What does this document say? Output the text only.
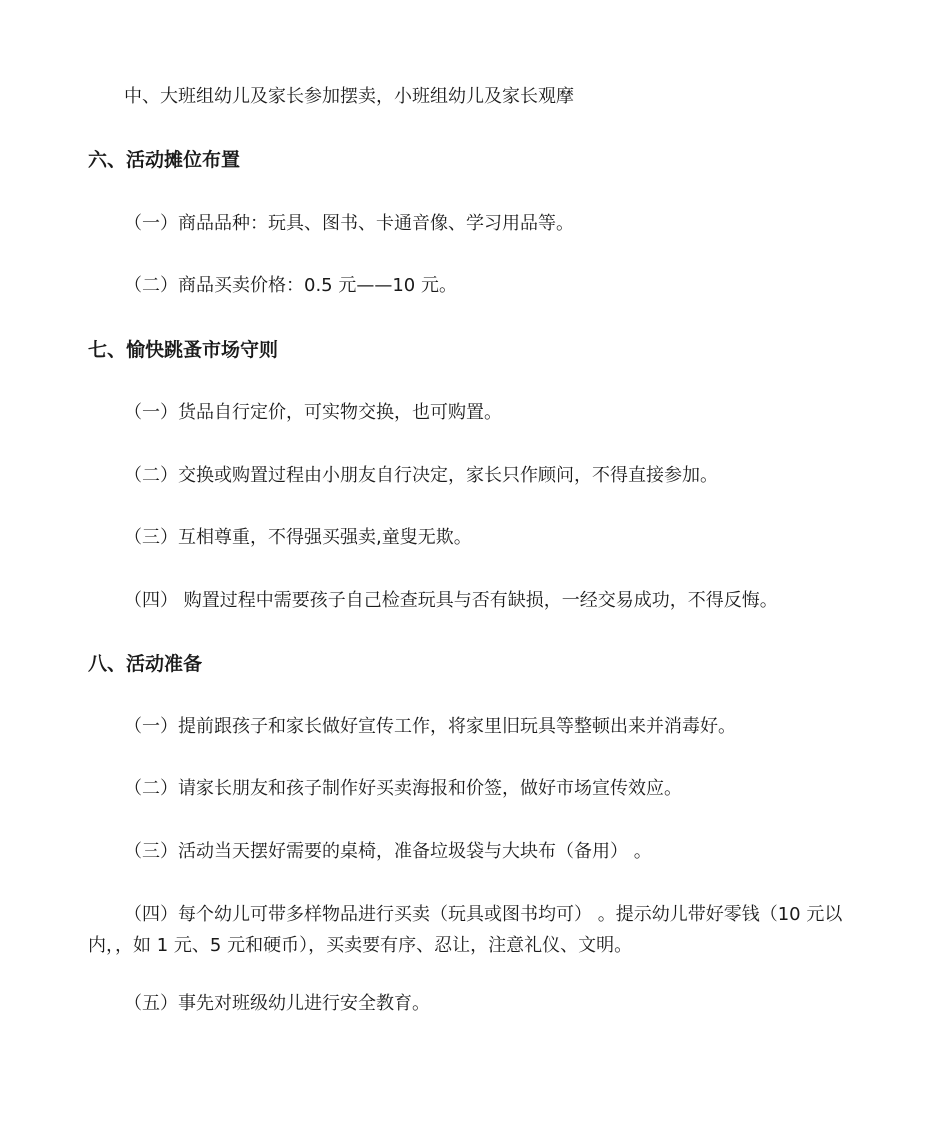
中、大班组幼儿及家长参加摆卖，小班组幼儿及家长观摩
六、活动摊位布置
（一）商品品种：玩具、图书、卡通音像、学习用品等。
（二）商品买卖价格：0.5 元——10 元。
七、愉快跳蚤市场守则
（一）货品自行定价，可实物交换，也可购置。
（二）交换或购置过程由小朋友自行决定，家长只作顾问，不得直接参加。
（三）互相尊重，不得强买强卖,童叟无欺。
（四） 购置过程中需要孩子自己检查玩具与否有缺损，一经交易成功，不得反悔。
八、活动准备
（一）提前跟孩子和家长做好宣传工作，将家里旧玩具等整顿出来并消毒好。
（二）请家长朋友和孩子制作好买卖海报和价签，做好市场宣传效应。
（三）活动当天摆好需要的桌椅，准备垃圾袋与大块布（备用） 。
（四）每个幼儿可带多样物品进行买卖（玩具或图书均可） 。提示幼儿带好零钱（10 元以
内，，如 1 元、5 元和硬币），买卖要有序、忍让，注意礼仪、文明。
（五）事先对班级幼儿进行安全教育。
